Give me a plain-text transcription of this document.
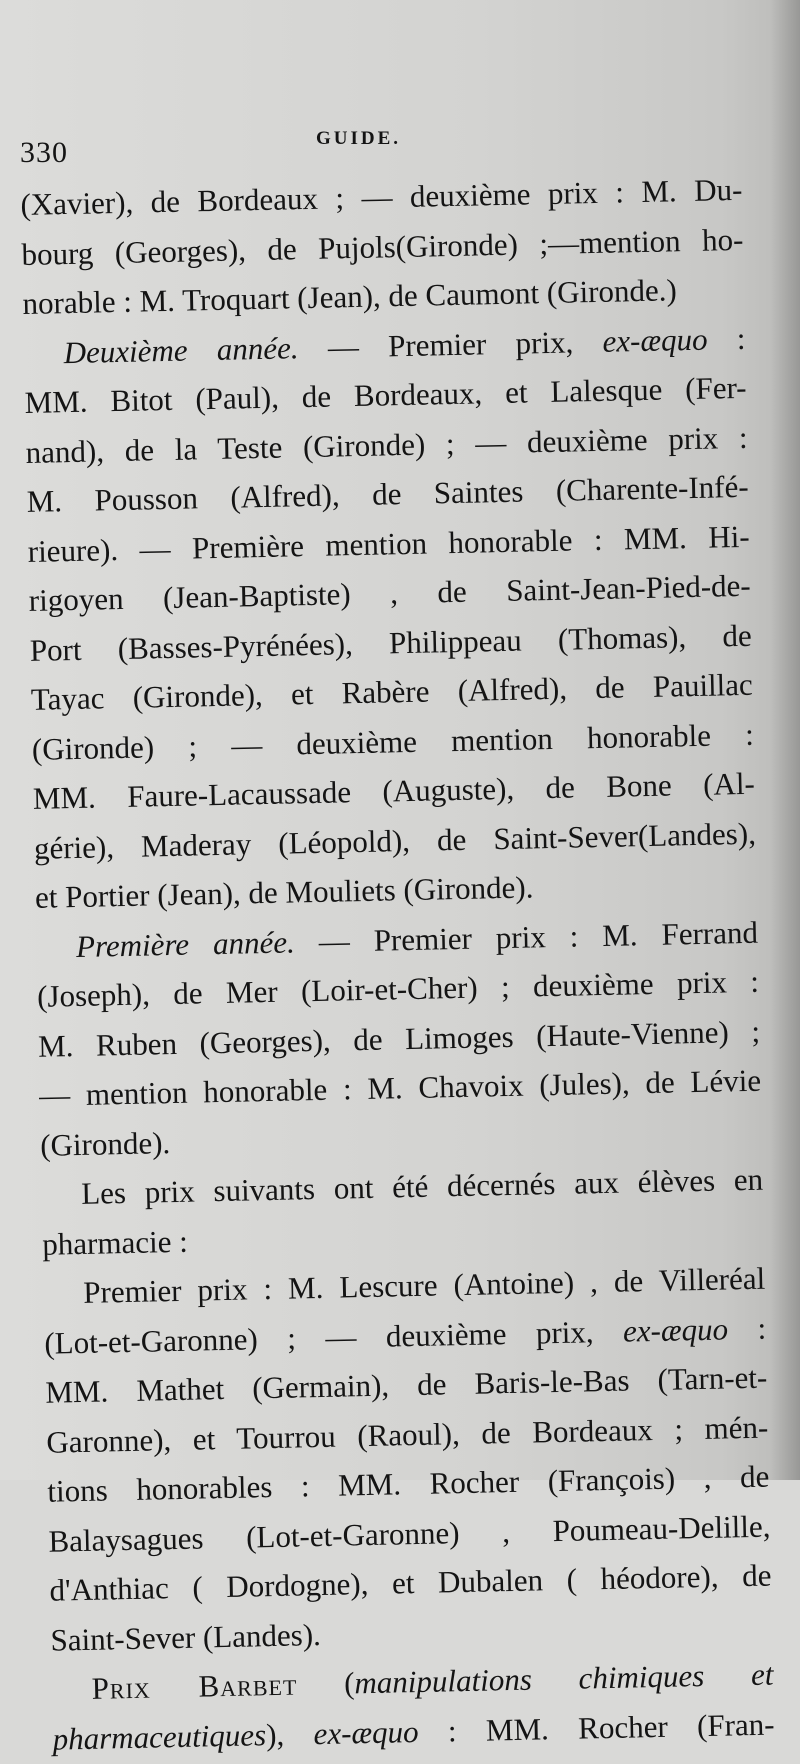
330	GUIDE.
(Xavier), de Bordeaux ; — deuxième prix : M. Du-
bourg (Georges), de Pujols(Gironde) ;—mention ho-
norable : M. Troquart (Jean), de Caumont (Gironde.)
Deuxième année. — Premier prix, ex-æquo :
MM. Bitot (Paul), de Bordeaux, et Lalesque (Fer-
nand), de la Teste (Gironde) ; — deuxième prix :
M. Pousson (Alfred), de Saintes (Charente-Infé-
rieure). — Première mention honorable : MM. Hi-
rigoyen (Jean-Baptiste) , de Saint-Jean-Pied-de-
Port (Basses-Pyrénées), Philippeau (Thomas), de
Tayac (Gironde), et Rabère (Alfred), de Pauillac
(Gironde) ; — deuxième mention honorable :
MM. Faure-Lacaussade (Auguste), de Bone (Al-
gérie), Maderay (Léopold), de Saint-Sever(Landes),
et Portier (Jean), de Mouliets (Gironde).
Première année. — Premier prix : M. Ferrand
(Joseph), de Mer (Loir-et-Cher) ; deuxième prix :
M. Ruben (Georges), de Limoges (Haute-Vienne) ;
— mention honorable : M. Chavoix (Jules), de Lévie
(Gironde).
Les prix suivants ont été décernés aux élèves en
pharmacie :
Premier prix : M. Lescure (Antoine) , de Villeréal
(Lot-et-Garonne) ; — deuxième prix, ex-æquo :
MM. Mathet (Germain), de Baris-le-Bas (Tarn-et-
Garonne), et Tourrou (Raoul), de Bordeaux ; mén-
tions honorables : MM. Rocher (François) , de
Balaysagues (Lot-et-Garonne) , Poumeau-Delille,
d'Anthiac ( Dordogne), et Dubalen ( héodore), de
Saint-Sever (Landes).
Prix Barbet (manipulations chimiques et
pharmaceutiques), ex-æquo : MM. Rocher (Fran-
